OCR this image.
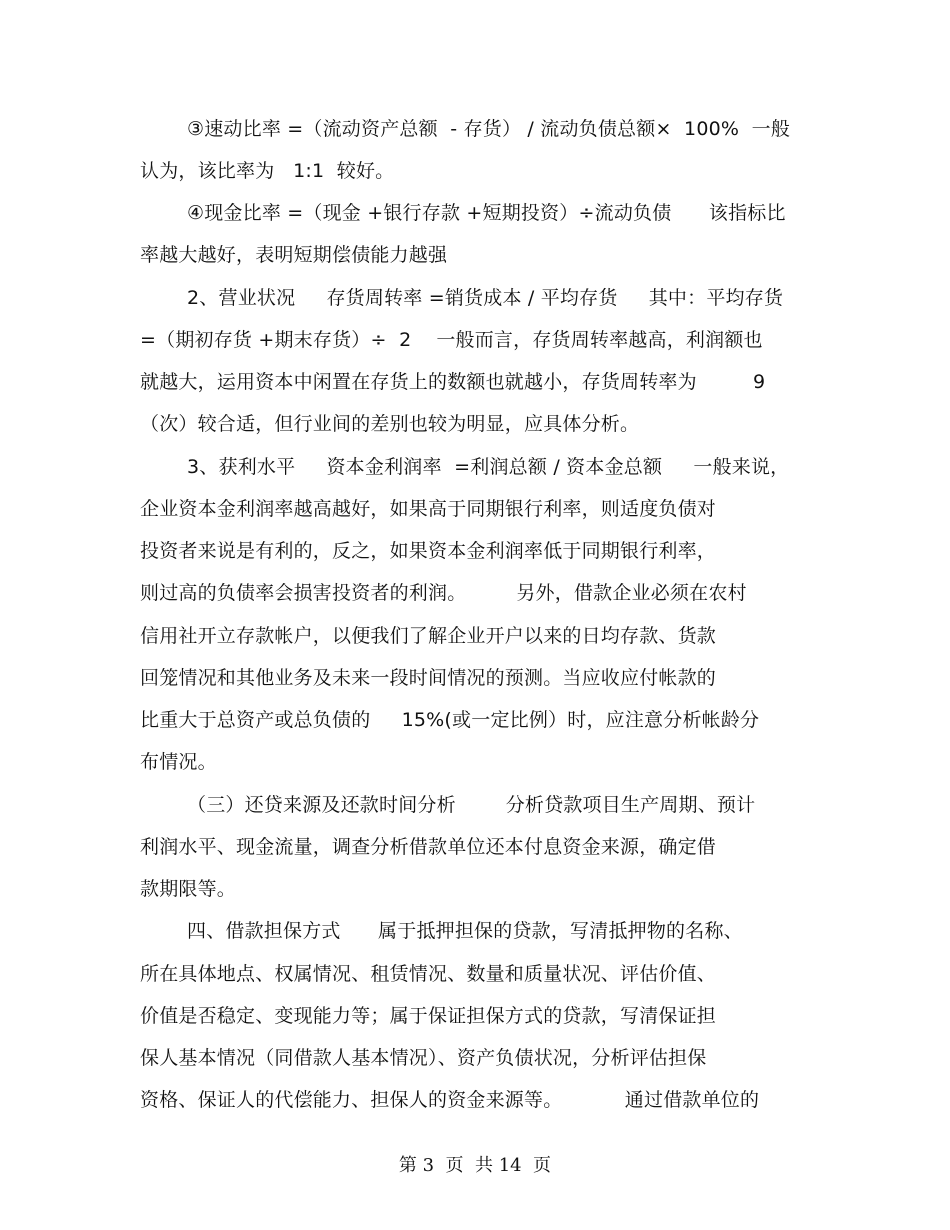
③速动比率 =（流动资产总额  - 存货） / 流动负债总额×  100%  一般
认为，该比率为   1:1  较好。
④现金比率 =（现金 +银行存款 +短期投资）÷流动负债      该指标比
率越大越好，表明短期偿债能力越强
2、营业状况     存货周转率 =销货成本 / 平均存货     其中：平均存货
=（期初存货 +期末存货）÷  2    一般而言，存货周转率越高，利润额也
就越大，运用资本中闲置在存货上的数额也就越小，存货周转率为         9
（次）较合适，但行业间的差别也较为明显，应具体分析。
3、获利水平     资本金利润率  =利润总额 / 资本金总额     一般来说，
企业资本金利润率越高越好，如果高于同期银行利率，则适度负债对
投资者来说是有利的，反之，如果资本金利润率低于同期银行利率，
则过高的负债率会损害投资者的利润。        另外，借款企业必须在农村
信用社开立存款帐户，以便我们了解企业开户以来的日均存款、货款
回笼情况和其他业务及未来一段时间情况的预测。当应收应付帐款的
比重大于总资产或总负债的     15%(或一定比例）时，应注意分析帐龄分
布情况。
（三）还贷来源及还款时间分析        分析贷款项目生产周期、预计
利润水平、现金流量，调查分析借款单位还本付息资金来源，确定借
款期限等。
四、借款担保方式      属于抵押担保的贷款，写清抵押物的名称、
所在具体地点、权属情况、租赁情况、数量和质量状况、评估价值、
价值是否稳定、变现能力等；属于保证担保方式的贷款，写清保证担
保人基本情况（同借款人基本情况）、资产负债状况，分析评估担保
资格、保证人的代偿能力、担保人的资金来源等。          通过借款单位的
第 3  页  共 14  页
